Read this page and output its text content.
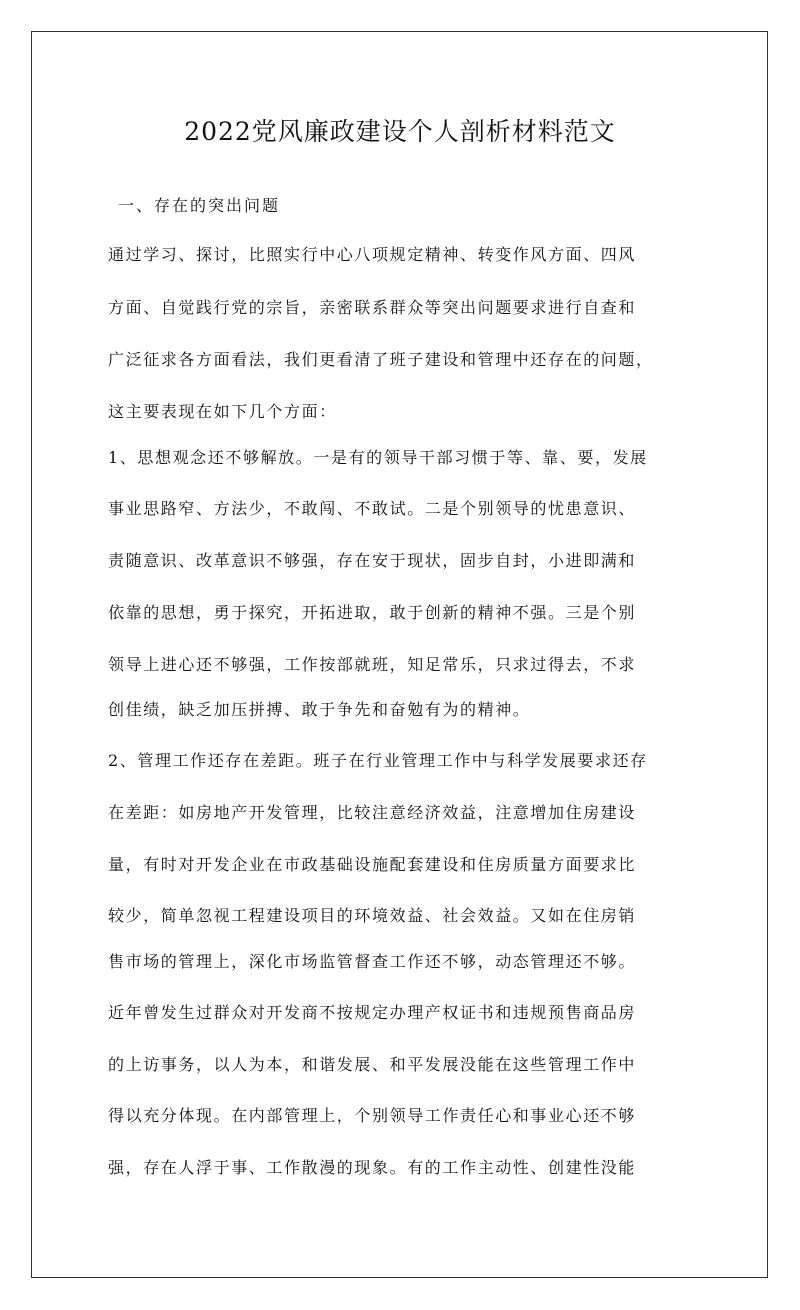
2022党风廉政建设个人剖析材料范文
一、存在的突出问题
通过学习、探讨，比照实行中心八项规定精神、转变作风方面、四风
方面、自觉践行党的宗旨，亲密联系群众等突出问题要求进行自查和
广泛征求各方面看法，我们更看清了班子建设和管理中还存在的问题，
这主要表现在如下几个方面：
1、思想观念还不够解放。一是有的领导干部习惯于等、靠、要，发展
事业思路窄、方法少，不敢闯、不敢试。二是个别领导的忧患意识、
责随意识、改革意识不够强，存在安于现状，固步自封，小进即满和
依靠的思想，勇于探究，开拓进取，敢于创新的精神不强。三是个别
领导上进心还不够强，工作按部就班，知足常乐，只求过得去，不求
创佳绩，缺乏加压拼搏、敢于争先和奋勉有为的精神。
2、管理工作还存在差距。班子在行业管理工作中与科学发展要求还存
在差距：如房地产开发管理，比较注意经济效益，注意增加住房建设
量，有时对开发企业在市政基础设施配套建设和住房质量方面要求比
较少，简单忽视工程建设项目的环境效益、社会效益。又如在住房销
售市场的管理上，深化市场监管督查工作还不够，动态管理还不够。
近年曾发生过群众对开发商不按规定办理产权证书和违规预售商品房
的上访事务，以人为本，和谐发展、和平发展没能在这些管理工作中
得以充分体现。在内部管理上，个别领导工作责任心和事业心还不够
强，存在人浮于事、工作散漫的现象。有的工作主动性、创建性没能
